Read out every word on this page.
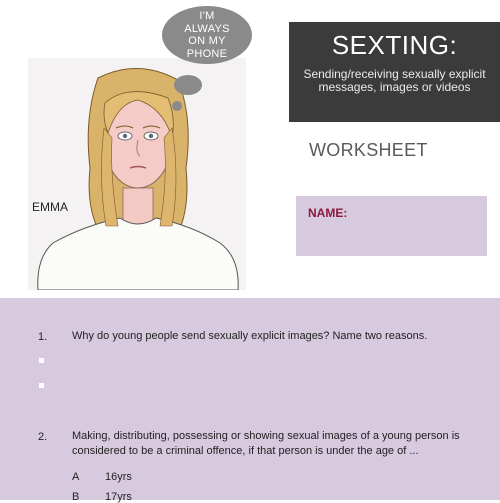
I'M
ALWAYS
ON MY
PHONE
EMMA
SEXTING:
Sending/receiving sexually explicit messages, images or videos
WORKSHEET
NAME:
1. Why do young people send sexually explicit images? Name two reasons.
2. Making, distributing, possessing or showing sexual images of a young person is considered to be a criminal offence, if that person is under the age of ...
A 16yrs
B 17yrs
